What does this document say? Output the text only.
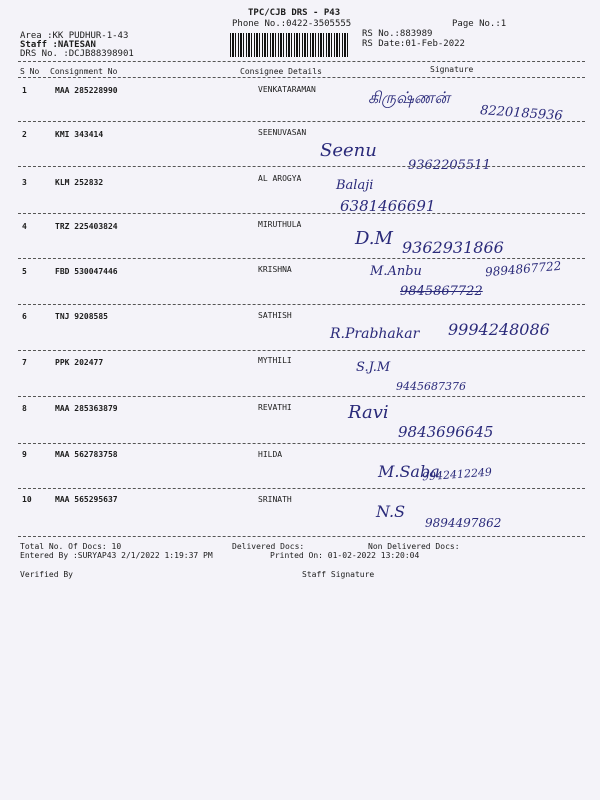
TPC/CJB DRS - P43
Phone No.:0422-3505555	Page No.:1
Area :KK PUDHUR-1-43
Staff :NATESAN
DRS No. :DCJB88398901
RS No.:883989
RS Date:01-Feb-2022
S No Consignment No	Consignee Details	Signature
1	MAA 285228990	VENKATARAMAN	கிருஷ்ணன்
8220185936
2	KMI 343414	SEENUVASAN
Seenu
9362205511
3	KLM 252832	AL AROGYA	Balaji
6381466691
4	TRZ 225403824	MIRUTHULA
D.M 9362931866
5	FBD 530047446	KRISHNA	M.Anbu	9894867722
9845867722
6	TNJ 9208585	SATHISH
R.Prabhakar 9994248086
7	PPK 202477	MYTHILI	S.J.M
9445687376
8	MAA 285363879	REVATHI	Ravi
9843696645
9	MAA 562783758	HILDA
M.Saba
9942412249
10	MAA 565295637	SRINATH
N.S
9894497862
Total No. Of Docs: 10	Delivered Docs:	Non Delivered Docs:
Entered By :SURYAP43 2/1/2022 1:19:37 PM	Printed On: 01-02-2022 13:20:04
Verified By	Staff Signature
